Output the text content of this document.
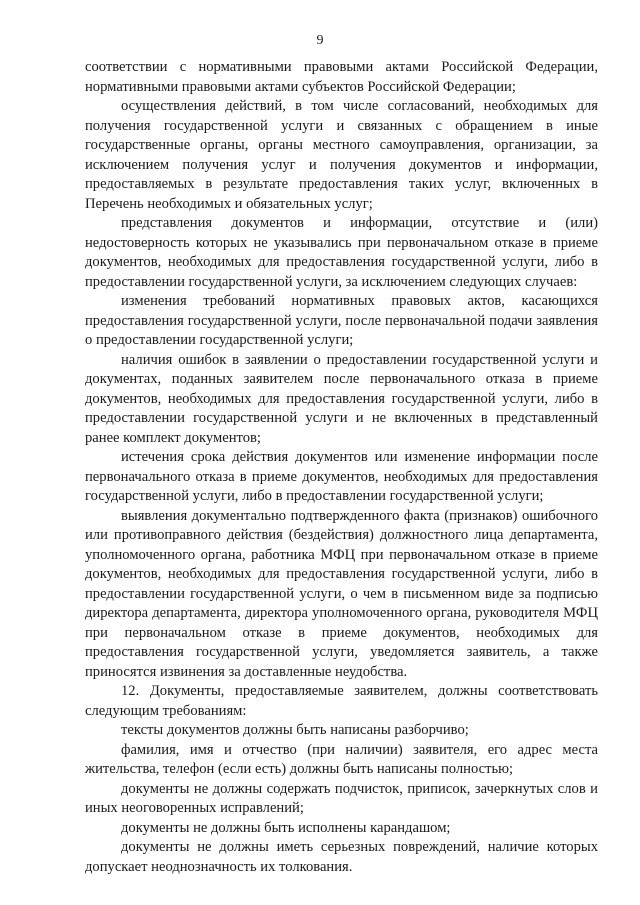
9

соответствии с нормативными правовыми актами Российской Федерации, нормативными правовыми актами субъектов Российской Федерации;

осуществления действий, в том числе согласований, необходимых для получения государственной услуги и связанных с обращением в иные государственные органы, органы местного самоуправления, организации, за исключением получения услуг и получения документов и информации, предоставляемых в результате предоставления таких услуг, включенных в Перечень необходимых и обязательных услуг;

представления документов и информации, отсутствие и (или) недостоверность которых не указывались при первоначальном отказе в приеме документов, необходимых для предоставления государственной услуги, либо в предоставлении государственной услуги, за исключением следующих случаев:

изменения требований нормативных правовых актов, касающихся предоставления государственной услуги, после первоначальной подачи заявления о предоставлении государственной услуги;

наличия ошибок в заявлении о предоставлении государственной услуги и документах, поданных заявителем после первоначального отказа в приеме документов, необходимых для предоставления государственной услуги, либо в предоставлении государственной услуги и не включенных в представленный ранее комплект документов;

истечения срока действия документов или изменение информации после первоначального отказа в приеме документов, необходимых для предоставления государственной услуги, либо в предоставлении государственной услуги;

выявления документально подтвержденного факта (признаков) ошибочного или противоправного действия (бездействия) должностного лица департамента, уполномоченного органа, работника МФЦ при первоначальном отказе в приеме документов, необходимых для предоставления государственной услуги, либо в предоставлении государственной услуги, о чем в письменном виде за подписью директора департамента, директора уполномоченного органа, руководителя МФЦ при первоначальном отказе в приеме документов, необходимых для предоставления государственной услуги, уведомляется заявитель, а также приносятся извинения за доставленные неудобства.

12. Документы, предоставляемые заявителем, должны соответствовать следующим требованиям:

тексты документов должны быть написаны разборчиво;

фамилия, имя и отчество (при наличии) заявителя, его адрес места жительства, телефон (если есть) должны быть написаны полностью;

документы не должны содержать подчисток, приписок, зачеркнутых слов и иных неоговоренных исправлений;

документы не должны быть исполнены карандашом;

документы не должны иметь серьезных повреждений, наличие которых допускает неоднозначность их толкования.
